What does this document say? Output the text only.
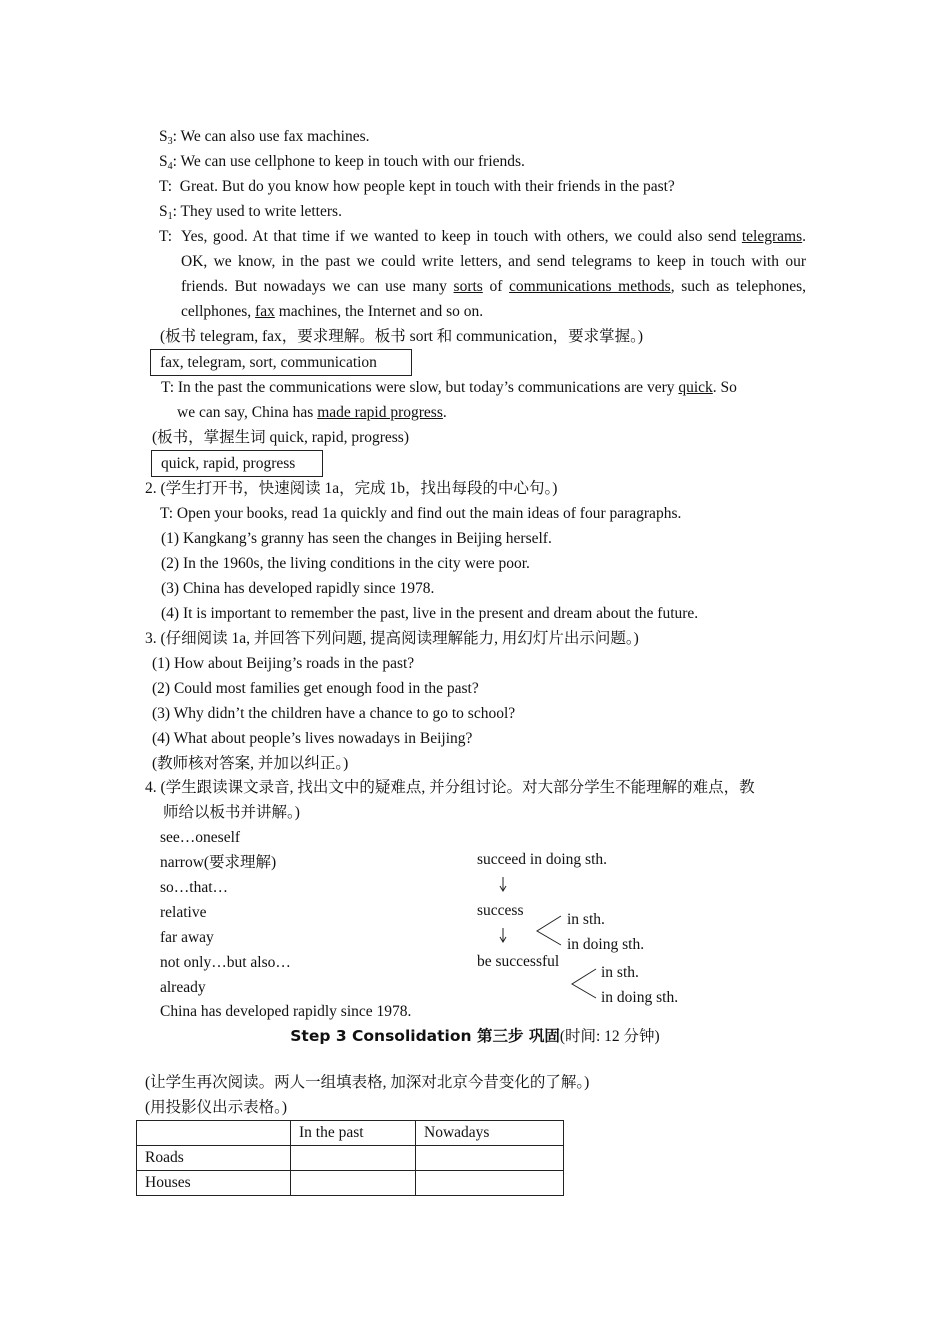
$S_3$: We can also use fax machines.
$S_4$: We can use cellphone to keep in touch with our friends.
T: Great. But do you know how people kept in touch with their friends in the past?
$S_1$: They used to write letters.
T: Yes, good. At that time if we wanted to keep in touch with others, we could also send telegrams. OK, we know, in the past we could write letters, and send telegrams to keep in touch with our friends. But nowadays we can use many sorts of communications methods, such as telephones, cellphones, fax machines, the Internet and so on.
(板书 telegram, fax，要求理解。板书 sort 和 communication，要求掌握。)
fax, telegram, sort, communication
T: In the past the communications were slow, but today’s communications are very quick. So
we can say, China has made rapid progress.
(板书，掌握生词 quick, rapid, progress)
quick, rapid, progress
2. (学生打开书，快速阅读 1a，完成 1b，找出每段的中心句。)
T: Open your books, read 1a quickly and find out the main ideas of four paragraphs.
(1) Kangkang’s granny has seen the changes in Beijing herself.
(2) In the 1960s, the living conditions in the city were poor.
(3) China has developed rapidly since 1978.
(4) It is important to remember the past, live in the present and dream about the future.
3. (仔细阅读 1a, 并回答下列问题, 提高阅读理解能力, 用幻灯片出示问题。)
(1) How about Beijing’s roads in the past?
(2) Could most families get enough food in the past?
(3) Why didn’t the children have a chance to go to school?
(4) What about people’s lives nowadays in Beijing?
(教师核对答案, 并加以纠正。)
4. (学生跟读课文录音, 找出文中的疑难点, 并分组讨论。对大部分学生不能理解的难点，教
师给以板书并讲解。)
see…oneself
narrow(要求理解)
so…that…
relative
far away
not only…but also…
already
China has developed rapidly since 1978.
succeed in doing sth.
success
be successful
in sth.
in doing sth.
in sth.
in doing sth.
Step 3 Consolidation 第三步 巩固(时间: 12 分钟)
(让学生再次阅读。两人一组填表格, 加深对北京今昔变化的了解。)
(用投影仪出示表格。)
	In the past	Nowadays
Roads		
Houses		
